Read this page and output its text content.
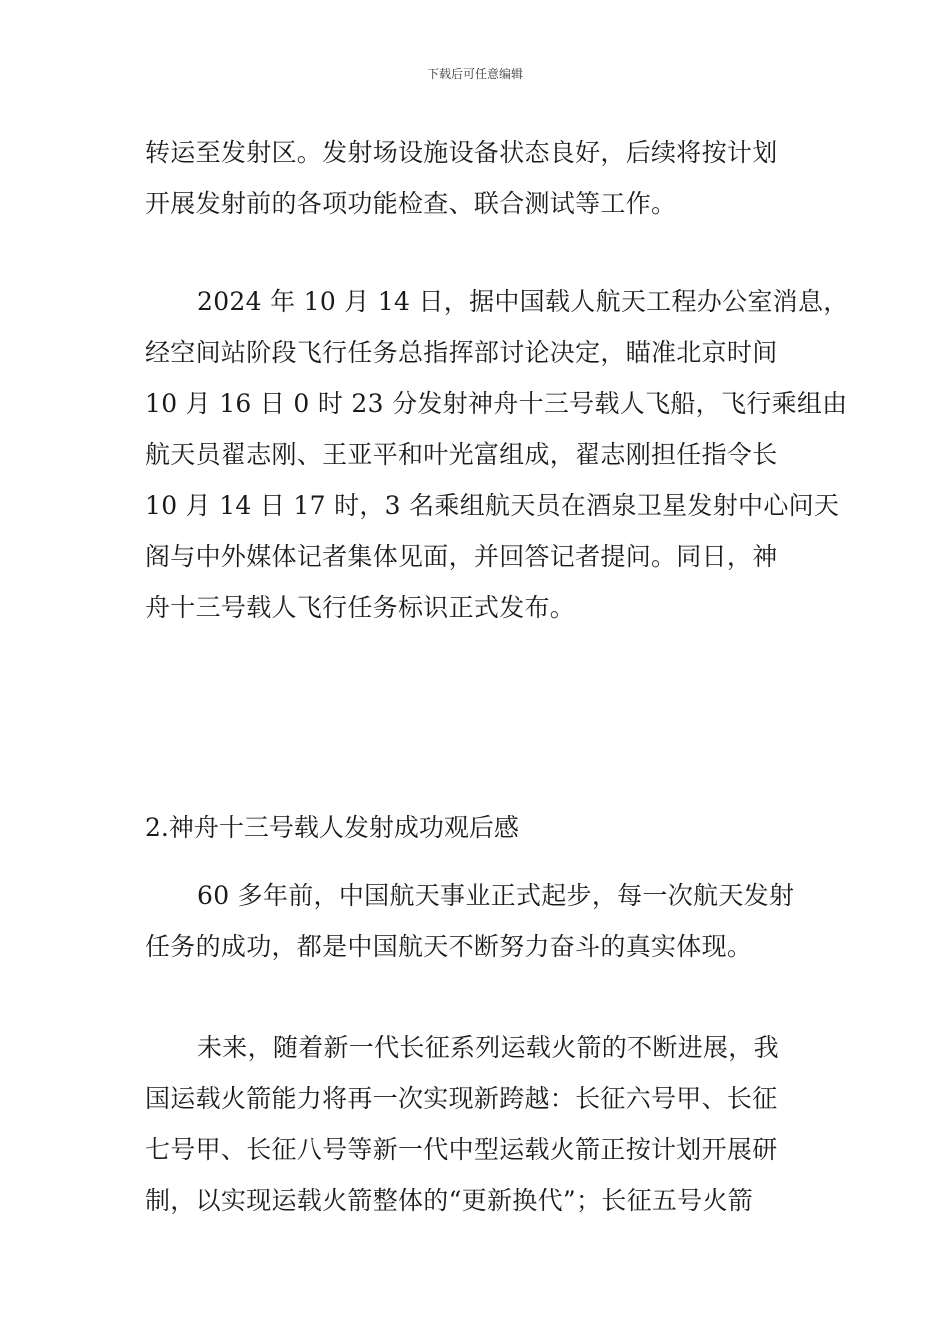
下载后可任意编辑
转运至发射区。发射场设施设备状态良好，后续将按计划
开展发射前的各项功能检查、联合测试等工作。
2024 年 10 月 14 日，据中国载人航天工程办公室消息，
经空间站阶段飞行任务总指挥部讨论决定，瞄准北京时间
10 月 16 日 0 时 23 分发射神舟十三号载人飞船，飞行乘组由
航天员翟志刚、王亚平和叶光富组成，翟志刚担任指令长
10 月 14 日 17 时，3 名乘组航天员在酒泉卫星发射中心问天
阁与中外媒体记者集体见面，并回答记者提问。同日，神
舟十三号载人飞行任务标识正式发布。
2.神舟十三号载人发射成功观后感
60 多年前，中国航天事业正式起步，每一次航天发射
任务的成功，都是中国航天不断努力奋斗的真实体现。
未来，随着新一代长征系列运载火箭的不断进展，我
国运载火箭能力将再一次实现新跨越：长征六号甲、长征
七号甲、长征八号等新一代中型运载火箭正按计划开展研
制，以实现运载火箭整体的“更新换代”；长征五号火箭
